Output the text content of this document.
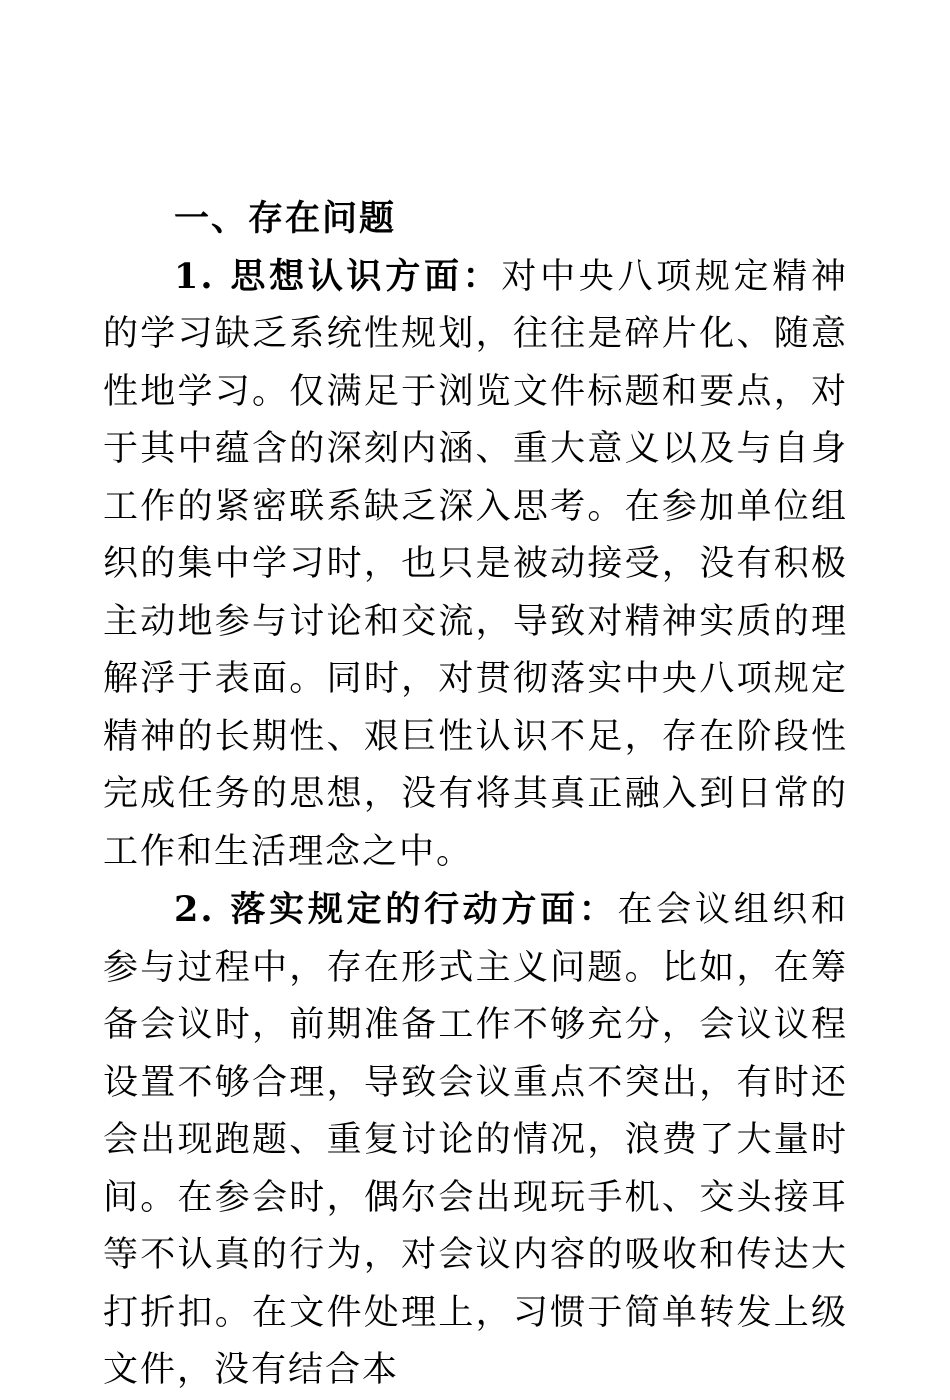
一、存在问题

1. 思想认识方面：对中央八项规定精神的学习缺乏系统性规划，往往是碎片化、随意性地学习。仅满足于浏览文件标题和要点，对于其中蕴含的深刻内涵、重大意义以及与自身工作的紧密联系缺乏深入思考。在参加单位组织的集中学习时，也只是被动接受，没有积极主动地参与讨论和交流，导致对精神实质的理解浮于表面。同时，对贯彻落实中央八项规定精神的长期性、艰巨性认识不足，存在阶段性完成任务的思想，没有将其真正融入到日常的工作和生活理念之中。

2. 落实规定的行动方面：在会议组织和参与过程中，存在形式主义问题。比如，在筹备会议时，前期准备工作不够充分，会议议程设置不够合理，导致会议重点不突出，有时还会出现跑题、重复讨论的情况，浪费了大量时间。在参会时，偶尔会出现玩手机、交头接耳等不认真的行为，对会议内容的吸收和传达大打折扣。在文件处理上，习惯于简单转发上级文件，没有结合本
